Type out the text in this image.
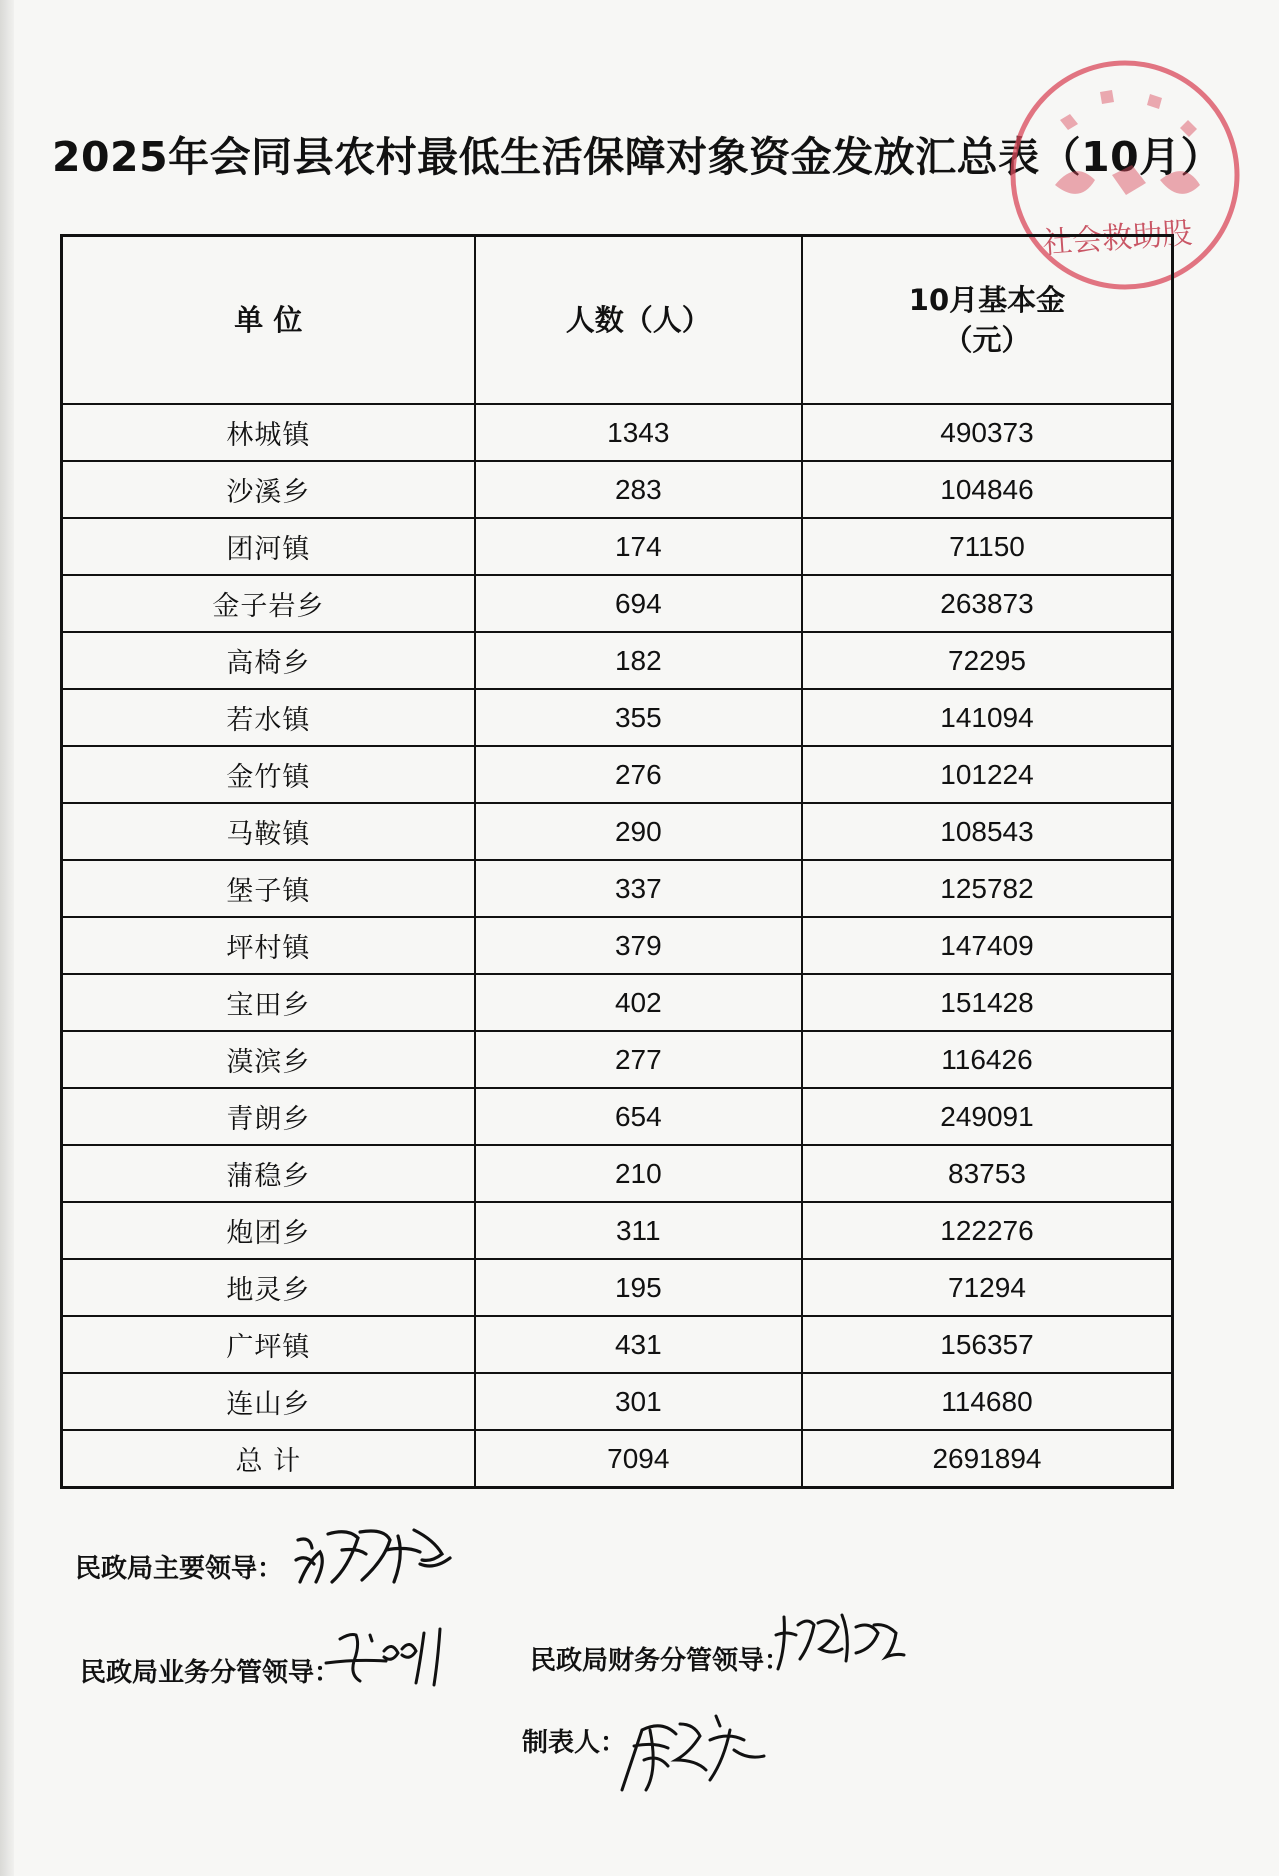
2025年会同县农村最低生活保障对象资金发放汇总表（10月）
社会救助股
单 位	人数（人）	10月基本金
（元）

林城镇	1343	490373
沙溪乡	283	104846
团河镇	174	71150
金子岩乡	694	263873
高椅乡	182	72295
若水镇	355	141094
金竹镇	276	101224
马鞍镇	290	108543
堡子镇	337	125782
坪村镇	379	147409
宝田乡	402	151428
漠滨乡	277	116426
青朗乡	654	249091
蒲稳乡	210	83753
炮团乡	311	122276
地灵乡	195	71294
广坪镇	431	156357
连山乡	301	114680
总 计	7094	2691894
民政局主要领导：
民政局业务分管领导：	民政局财务分管领导：
制表人：
